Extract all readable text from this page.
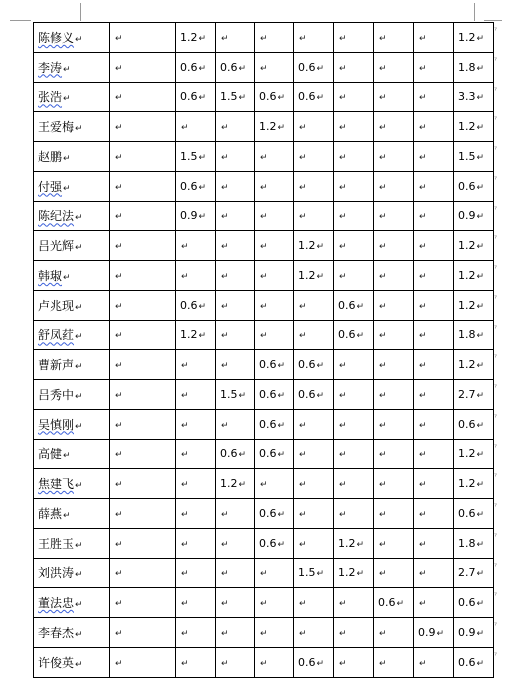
陈修义↵	↵	1.2↵	↵	↵	↵	↵	↵	↵	1.2↵
李涛↵	↵	0.6↵	0.6↵	↵	0.6↵	↵	↵	↵	1.8↵
张浩↵	↵	0.6↵	1.5↵	0.6↵	0.6↵	↵	↵	↵	3.3↵
王爱梅↵	↵	↵	↵	1.2↵	↵	↵	↵	↵	1.2↵
赵鹏↵	↵	1.5↵	↵	↵	↵	↵	↵	↵	1.5↵
付强↵	↵	0.6↵	↵	↵	↵	↵	↵	↵	0.6↵
陈纪法↵	↵	0.9↵	↵	↵	↵	↵	↵	↵	0.9↵
吕光辉↵	↵	↵	↵	↵	1.2↵	↵	↵	↵	1.2↵
韩琡↵	↵	↵	↵	↵	1.2↵	↵	↵	↵	1.2↵
卢兆现↵	↵	0.6↵	↵	↵	↵	0.6↵	↵	↵	1.2↵
舒凤荭↵	↵	1.2↵	↵	↵	↵	0.6↵	↵	↵	1.8↵
曹新声↵	↵	↵	↵	0.6↵	0.6↵	↵	↵	↵	1.2↵
吕秀中↵	↵	↵	1.5↵	0.6↵	0.6↵	↵	↵	↵	2.7↵
吴慎刚↵	↵	↵	↵	0.6↵	↵	↵	↵	↵	0.6↵
高健↵	↵	↵	0.6↵	0.6↵	↵	↵	↵	↵	1.2↵
焦建飞↵	↵	↵	1.2↵	↵	↵	↵	↵	↵	1.2↵
薛燕↵	↵	↵	↵	0.6↵	↵	↵	↵	↵	0.6↵
王胜玉↵	↵	↵	↵	0.6↵	↵	1.2↵	↵	↵	1.8↵
刘洪涛↵	↵	↵	↵	↵	1.5↵	1.2↵	↵	↵	2.7↵
董法忠↵	↵	↵	↵	↵	↵	↵	0.6↵	↵	0.6↵
李春杰↵	↵	↵	↵	↵	↵	↵	↵	0.9↵	0.9↵
许俊英↵	↵	↵	↵	↵	0.6↵	↵	↵	↵	0.6↵
ˀ
ˀ
ˀ
ˀ
ˀ
ˀ
ˀ
ˀ
ˀ
ˀ
ˀ
ˀ
ˀ
ˀ
ˀ
ˀ
ˀ
ˀ
ˀ
ˀ
ˀ
ˀ
